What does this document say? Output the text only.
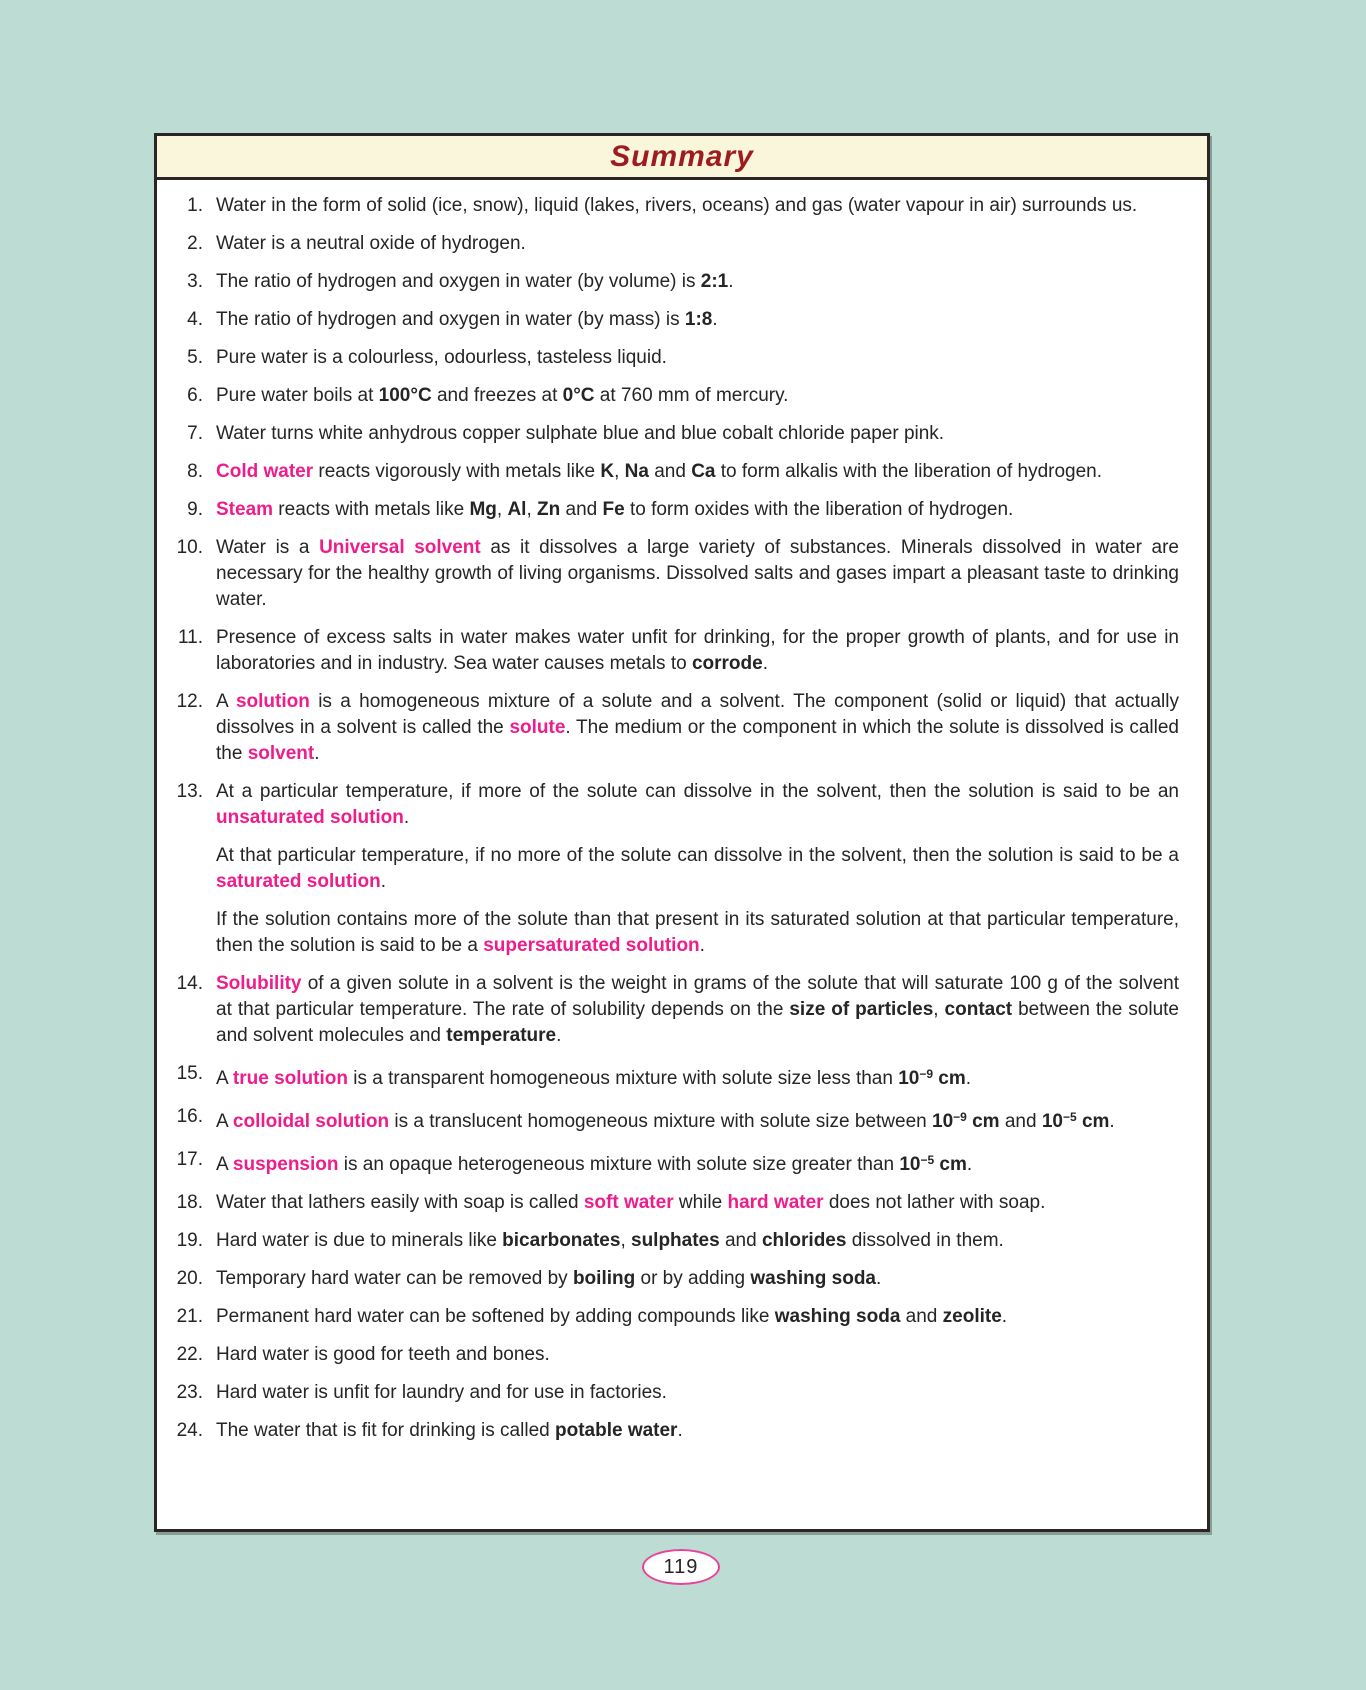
Summary
1. Water in the form of solid (ice, snow), liquid (lakes, rivers, oceans) and gas (water vapour in air) surrounds us.

2. Water is a neutral oxide of hydrogen.

3. The ratio of hydrogen and oxygen in water (by volume) is 2:1.

4. The ratio of hydrogen and oxygen in water (by mass) is 1:8.

5. Pure water is a colourless, odourless, tasteless liquid.

6. Pure water boils at 100°C and freezes at 0°C at 760 mm of mercury.

7. Water turns white anhydrous copper sulphate blue and blue cobalt chloride paper pink.

8. Cold water reacts vigorously with metals like K, Na and Ca to form alkalis with the liberation of hydrogen.

9. Steam reacts with metals like Mg, Al, Zn and Fe to form oxides with the liberation of hydrogen.

10. Water is a Universal solvent as it dissolves a large variety of substances. Minerals dissolved in water are necessary for the healthy growth of living organisms. Dissolved salts and gases impart a pleasant taste to drinking water.

11. Presence of excess salts in water makes water unfit for drinking, for the proper growth of plants, and for use in laboratories and in industry. Sea water causes metals to corrode.

12. A solution is a homogeneous mixture of a solute and a solvent. The component (solid or liquid) that actually dissolves in a solvent is called the solute. The medium or the component in which the solute is dissolved is called the solvent.

13. At a particular temperature, if more of the solute can dissolve in the solvent, then the solution is said to be an unsaturated solution.

At that particular temperature, if no more of the solute can dissolve in the solvent, then the solution is said to be a saturated solution.

If the solution contains more of the solute than that present in its saturated solution at that particular temperature, then the solution is said to be a supersaturated solution.

14. Solubility of a given solute in a solvent is the weight in grams of the solute that will saturate 100 g of the solvent at that particular temperature. The rate of solubility depends on the size of particles, contact between the solute and solvent molecules and temperature.

15. A true solution is a transparent homogeneous mixture with solute size less than $10^{-9}$ cm.

16. A colloidal solution is a translucent homogeneous mixture with solute size between $10^{-9}$ cm and $10^{-5}$ cm.

17. A suspension is an opaque heterogeneous mixture with solute size greater than $10^{-5}$ cm.

18. Water that lathers easily with soap is called soft water while hard water does not lather with soap.

19. Hard water is due to minerals like bicarbonates, sulphates and chlorides dissolved in them.

20. Temporary hard water can be removed by boiling or by adding washing soda.

21. Permanent hard water can be softened by adding compounds like washing soda and zeolite.

22. Hard water is good for teeth and bones.

23. Hard water is unfit for laundry and for use in factories.

24. The water that is fit for drinking is called potable water.

119
